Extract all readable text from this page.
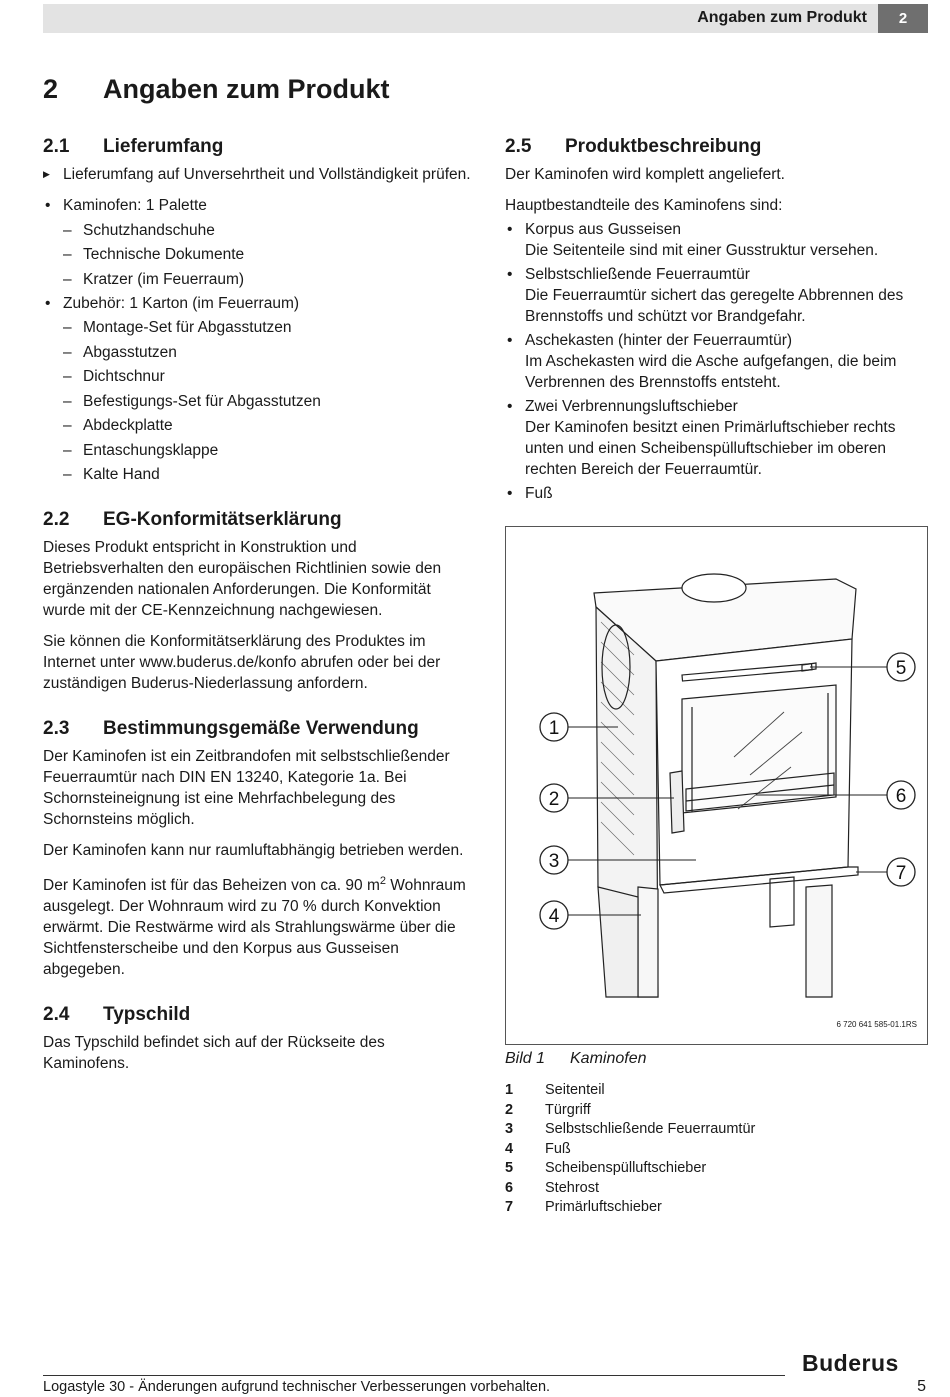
Angaben zum Produkt	2
2 Angaben zum Produkt
2.1 Lieferumfang
▶ Lieferumfang auf Unversehrtheit und Vollständigkeit prüfen.
• Kaminofen: 1 Palette
– Schutzhandschuhe
– Technische Dokumente
– Kratzer (im Feuerraum)
• Zubehör: 1 Karton (im Feuerraum)
– Montage-Set für Abgasstutzen
– Abgasstutzen
– Dichtschnur
– Befestigungs-Set für Abgasstutzen
– Abdeckplatte
– Entaschungsklappe
– Kalte Hand
2.2 EG-Konformitätserklärung

Dieses Produkt entspricht in Konstruktion und Betriebsverhalten den europäischen Richtlinien sowie den ergänzenden nationalen Anforderungen. Die Konformität wurde mit der CE-Kennzeichnung nachgewiesen.

Sie können die Konformitätserklärung des Produktes im Internet unter www.buderus.de/konfo abrufen oder bei der zuständigen Buderus-Niederlassung anfordern.

2.3 Bestimmungsgemäße Verwendung

Der Kaminofen ist ein Zeitbrandofen mit selbstschließender Feuerraumtür nach DIN EN 13240, Kategorie 1a. Bei Schornsteineignung ist eine Mehrfachbelegung des Schornsteins möglich.

Der Kaminofen kann nur raumluftabhängig betrieben werden.

Der Kaminofen ist für das Beheizen von ca. 90 $m^2$ Wohnraum ausgelegt. Der Wohnraum wird zu 70 % durch Konvektion erwärmt. Die Restwärme wird als Strahlungswärme über die Sichtfensterscheibe und den Korpus aus Gusseisen abgegeben.

2.4 Typschild

Das Typschild befindet sich auf der Rückseite des Kaminofens.

2.5 Produktbeschreibung

Der Kaminofen wird komplett angeliefert.

Hauptbestandteile des Kaminofens sind:

• Korpus aus Gusseisen
Die Seitenteile sind mit einer Gusstruktur versehen.
• Selbstschließende Feuerraumtür
Die Feuerraumtür sichert das geregelte Abbrennen des Brennstoffs und schützt vor Brandgefahr.
• Aschekasten (hinter der Feuerraumtür)
Im Aschekasten wird die Asche aufgefangen, die beim Verbrennen des Brennstoffs entsteht.
• Zwei Verbrennungsluftschieber
Der Kaminofen besitzt einen Primärluftschieber rechts unten und einen Scheibenspülluftschieber im oberen rechten Bereich der Feuerraumtür.
• Fuß
1
2
3
4
5
6
7
6 720 641 585-01.1RS
Bild 1 Kaminofen
1 Seitenteil
2 Türgriff
3 Selbstschließende Feuerraumtür
4 Fuß
5 Scheibenspülluftschieber
6 Stehrost
7 Primärluftschieber
Buderus
Logastyle 30 - Änderungen aufgrund technischer Verbesserungen vorbehalten.	5
